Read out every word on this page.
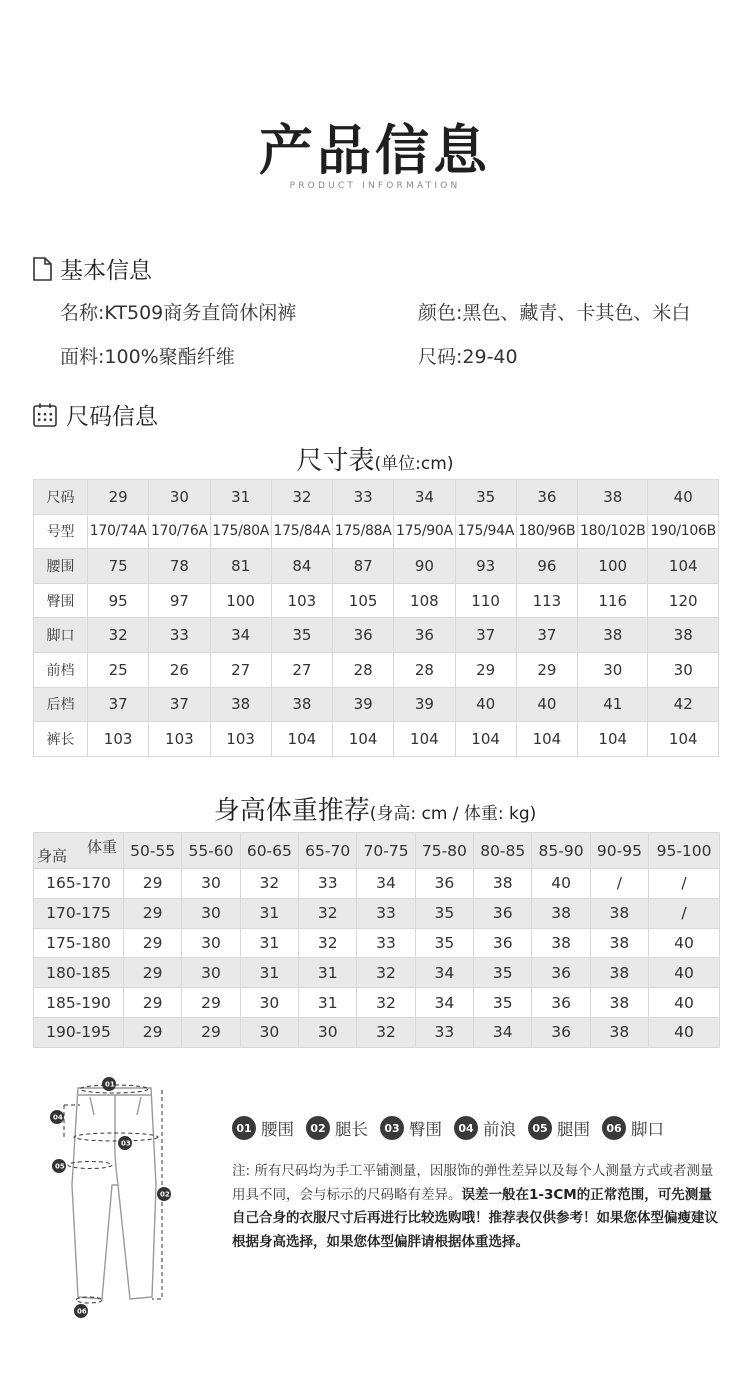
产品信息
PRODUCT INFORMATION
基本信息
名称:KT509商务直筒休闲裤	颜色:黑色、藏青、卡其色、米白
面料:100%聚酯纤维	尺码:29-40
尺码信息
尺寸表(单位:cm)
尺码	29	30	31	32	33	34	35	36	38	40
号型	170/74A	170/76A	175/80A	175/84A	175/88A	175/90A	175/94A	180/96B	180/102B	190/106B
腰围	75	78	81	84	87	90	93	96	100	104
臀围	95	97	100	103	105	108	110	113	116	120
脚口	32	33	34	35	36	36	37	37	38	38
前档	25	26	27	27	28	28	29	29	30	30
后档	37	37	38	38	39	39	40	40	41	42
裤长	103	103	103	104	104	104	104	104	104	104
身高体重推荐(身高: cm / 体重: kg)
体重
身高	50-55	55-60	60-65	65-70	70-75	75-80	80-85	85-90	90-95	95-100
165-170	29	30	32	33	34	36	38	40	/	/
170-175	29	30	31	32	33	35	36	38	38	/
175-180	29	30	31	32	33	35	36	38	38	40
180-185	29	30	31	31	32	34	35	36	38	40
185-190	29	29	30	31	32	34	35	36	38	40
190-195	29	29	30	30	32	33	34	36	38	40
01
02
03
04
05
06
01 腰围	02 腿长	03 臀围	04 前浪	05 腿围	06 脚口
注: 所有尺码均为手工平铺测量，因服饰的弹性差异以及每个人测量方式或者测量用具不同，会与标示的尺码略有差异。误差一般在1-3CM的正常范围，可先测量自己合身的衣服尺寸后再进行比较选购哦！推荐表仅供参考！如果您体型偏瘦建议根据身高选择，如果您体型偏胖请根据体重选择。
